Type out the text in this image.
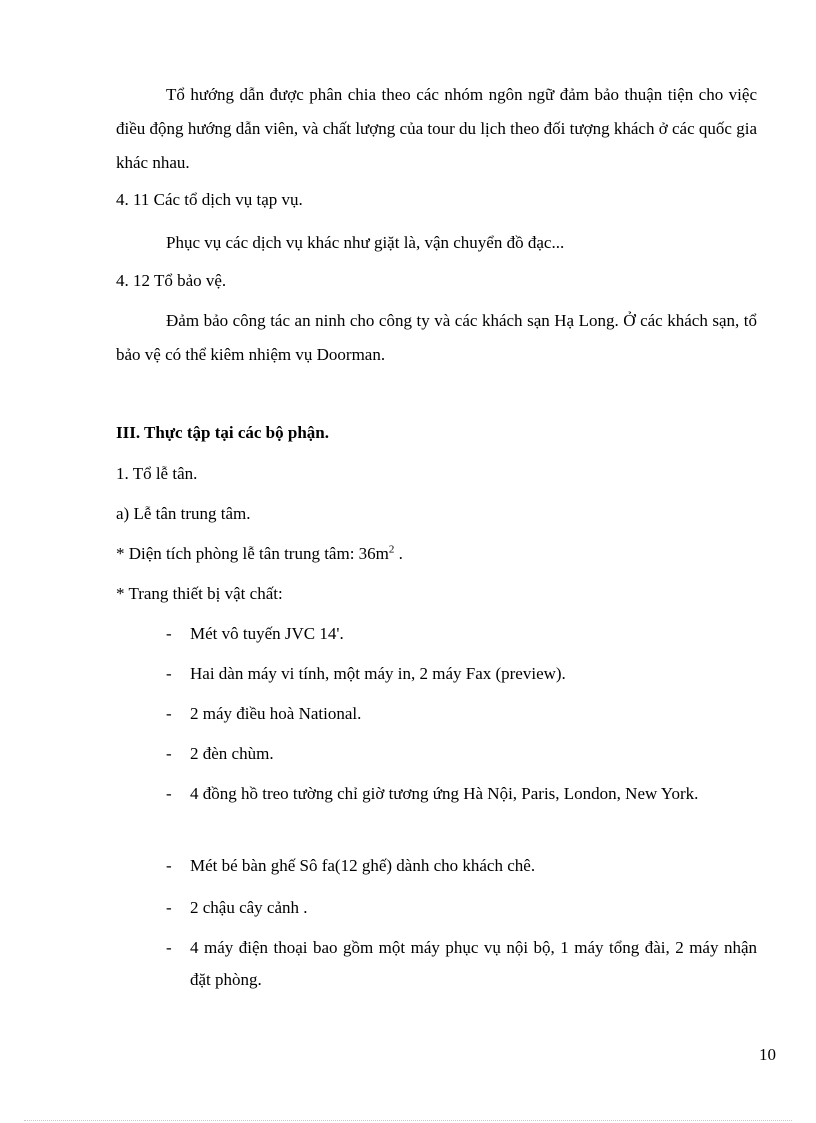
Tổ hướng dẫn được phân chia theo các nhóm ngôn ngữ đảm bảo thuận tiện cho việc điều động hướng dẫn viên, và chất lượng của tour du lịch theo đối tượng khách ở các quốc gia khác nhau.

4. 11 Các tổ dịch vụ tạp vụ.
Phục vụ các dịch vụ khác như giặt là, vận chuyển đồ đạc...
4. 12 Tổ bảo vệ.

Đảm bảo công tác an ninh cho công ty và các khách sạn Hạ Long. Ở các khách sạn, tổ bảo vệ có thể kiêm nhiệm vụ Doorman.

III. Thực tập tại các bộ phận.
1. Tổ lễ tân.
a) Lễ tân trung tâm.
* Diện tích phòng lễ tân trung tâm: $36m^2$ .
* Trang thiết bị vật chất:
-	Mét vô tuyến JVC 14'.
-	Hai dàn máy vi tính, một máy in, 2 máy Fax (preview).
-	2 máy điều hoà National.
-	2 đèn chùm.
-	4 đồng hồ treo tường chỉ giờ tương ứng Hà Nội, Paris, London, New York.
-	Mét bé bàn ghế Sô fa(12 ghế) dành cho khách chê.
-	2 chậu cây cảnh .
-	4 máy điện thoại bao gồm một máy phục vụ nội bộ, 1 máy tổng đài, 2 máy nhận đặt phòng.
10
